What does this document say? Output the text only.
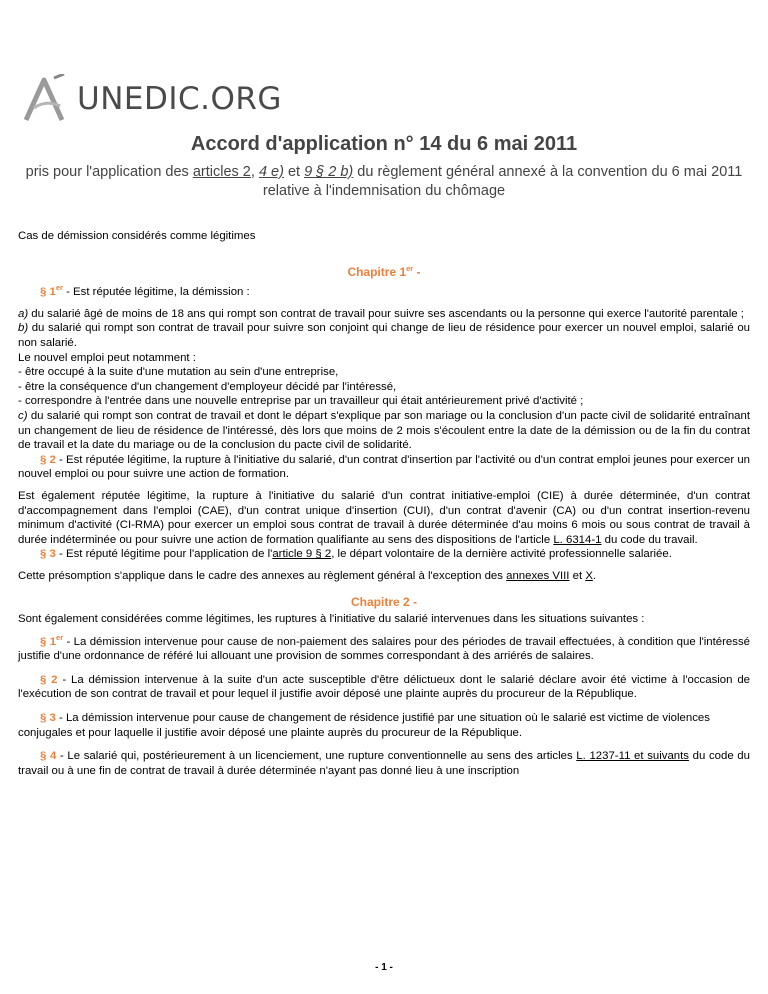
UNEDIC.ORG
Accord d'application n° 14 du 6 mai 2011

pris pour l'application des articles 2, 4 e) et 9 § 2 b) du règlement général annexé à la convention du 6 mai 2011 relative à l'indemnisation du chômage

Cas de démission considérés comme légitimes

Chapitre 1er -

§ 1er - Est réputée légitime, la démission :

a) du salarié âgé de moins de 18 ans qui rompt son contrat de travail pour suivre ses ascendants ou la personne qui exerce l'autorité parentale ;

b) du salarié qui rompt son contrat de travail pour suivre son conjoint qui change de lieu de résidence pour exercer un nouvel emploi, salarié ou non salarié.

Le nouvel emploi peut notamment :

- être occupé à la suite d'une mutation au sein d'une entreprise,

- être la conséquence d'un changement d'employeur décidé par l'intéressé,

- correspondre à l'entrée dans une nouvelle entreprise par un travailleur qui était antérieurement privé d'activité ;

c) du salarié qui rompt son contrat de travail et dont le départ s'explique par son mariage ou la conclusion d'un pacte civil de solidarité entraînant un changement de lieu de résidence de l'intéressé, dès lors que moins de 2 mois s'écoulent entre la date de la démission ou de la fin du contrat de travail et la date du mariage ou de la conclusion du pacte civil de solidarité.

§ 2 - Est réputée légitime, la rupture à l'initiative du salarié, d'un contrat d'insertion par l'activité ou d'un contrat emploi jeunes pour exercer un nouvel emploi ou pour suivre une action de formation.

Est également réputée légitime, la rupture à l'initiative du salarié d'un contrat initiative-emploi (CIE) à durée déterminée, d'un contrat d'accompagnement dans l'emploi (CAE), d'un contrat unique d'insertion (CUI), d'un contrat d'avenir (CA) ou d'un contrat insertion-revenu minimum d'activité (CI-RMA) pour exercer un emploi sous contrat de travail à durée déterminée d'au moins 6 mois ou sous contrat de travail à durée indéterminée ou pour suivre une action de formation qualifiante au sens des dispositions de l'article L. 6314-1 du code du travail.

§ 3 - Est réputé légitime pour l'application de l'article 9 § 2, le départ volontaire de la dernière activité professionnelle salariée.

Cette présomption s'applique dans le cadre des annexes au règlement général à l'exception des annexes VIII et X.

Chapitre 2 -

Sont également considérées comme légitimes, les ruptures à l'initiative du salarié intervenues dans les situations suivantes :

§ 1er - La démission intervenue pour cause de non-paiement des salaires pour des périodes de travail effectuées, à condition que l'intéressé justifie d'une ordonnance de référé lui allouant une provision de sommes correspondant à des arriérés de salaires.

§ 2 - La démission intervenue à la suite d'un acte susceptible d'être délictueux dont le salarié déclare avoir été victime à l'occasion de l'exécution de son contrat de travail et pour lequel il justifie avoir déposé une plainte auprès du procureur de la République.

§ 3 - La démission intervenue pour cause de changement de résidence justifié par une situation où le salarié est victime de violences conjugales et pour laquelle il justifie avoir déposé une plainte auprès du procureur de la République.

§ 4 - Le salarié qui, postérieurement à un licenciement, une rupture conventionnelle au sens des articles L. 1237-11 et suivants du code du travail ou à une fin de contrat de travail à durée déterminée n'ayant pas donné lieu à une inscription

- 1 -
